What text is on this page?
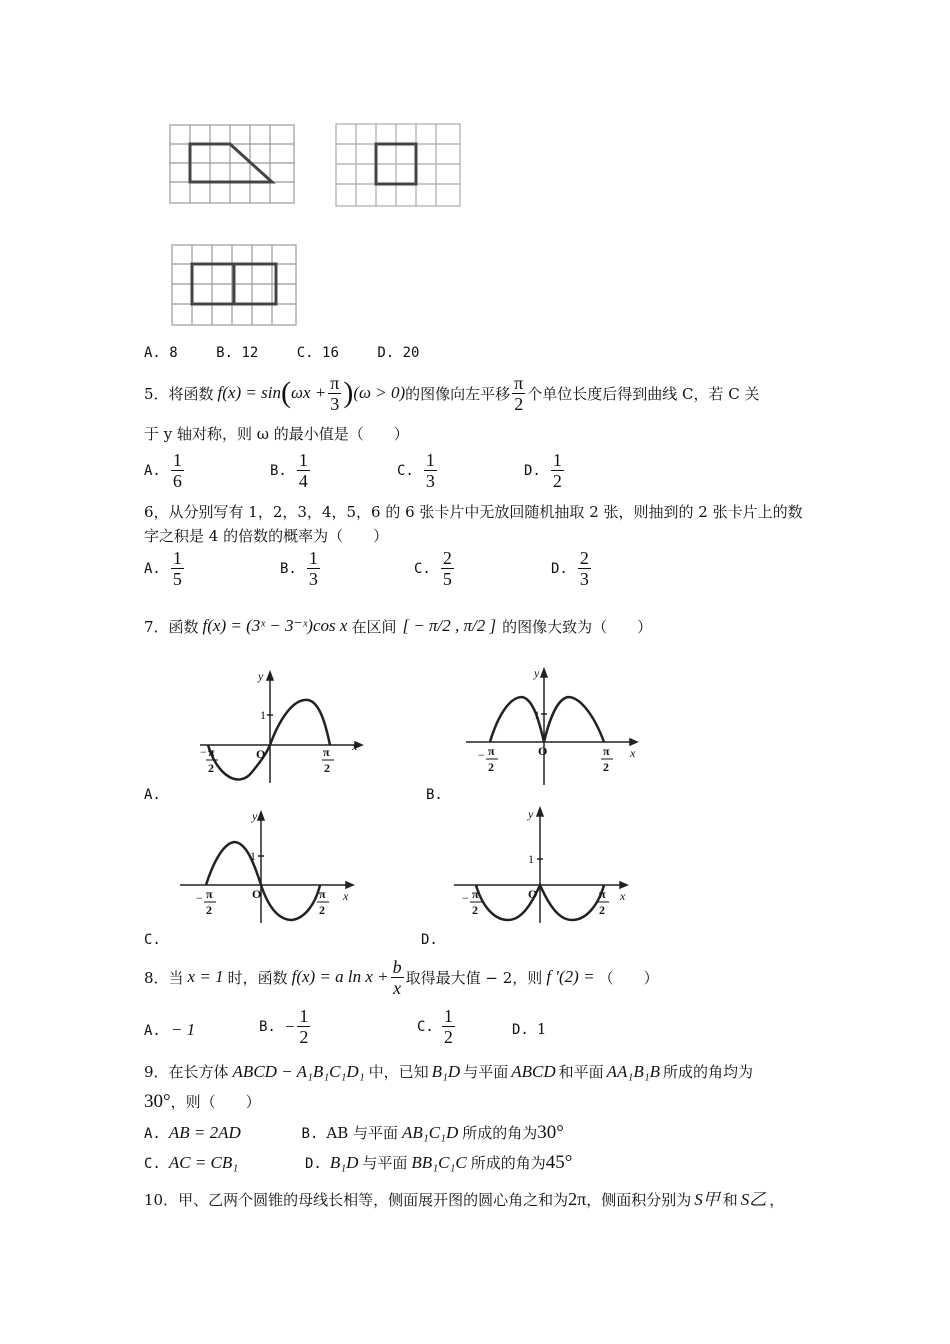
A. 8	B. 12	C. 16	D. 20
5．将函数 f(x) = sin ( $\omega x + \frac{\pi}{3}$ ) (ω > 0) 的图像向左平移 $\frac{\pi}{2}$ 个单位长度后得到曲线 C，若 C 关
于 y 轴对称，则 ω 的最小值是（　　）
A. $\frac{1}{6}$	B. $\frac{1}{4}$	C. $\frac{1}{3}$	D. $\frac{1}{2}$
6，从分别写有 1，2，3，4，5，6 的 6 张卡片中无放回随机抽取 2 张，则抽到的 2 张卡片上的数
字之积是 4 的倍数的概率为（　　）
A. $\frac{1}{5}$	B. $\frac{1}{3}$	C. $\frac{2}{5}$	D. $\frac{2}{3}$
7．函数 f(x) = (3ˣ − 3⁻ˣ)cos x 在区间 [ − π/2 , π/2 ] 的图像大致为（　　）
y
x
O
1
− π
2
π
2
A.
y
x
O
1
− π
2
π
2
B.
y
x
O
1
− π
2
π
2
C.
y
x
O
1
− π
2
π
2
D.
8．当 x = 1 时，函数 f(x) = a $\ln x + \frac{b}{x}$ 取得最大值 − 2，则 f ′(2) = （　　）
A. − 1	B. − $\frac{1}{2}$	C. $\frac{1}{2}$	D. 1
9．在长方体 ABCD − A₁B₁C₁D₁ 中，已知 B₁D 与平面 ABCD 和平面 AA₁B₁B 所成的角均为
30°，则（　　）
A. AB = 2AD	B. AB 与平面 AB₁C₁D 所成的角为30°
C. AC = CB₁	D. B₁D 与平面 BB₁C₁C 所成的角为45°
10．甲、乙两个圆锥的母线长相等，侧面展开图的圆心角之和为2π，侧面积分别为 S甲 和 S乙 ，
